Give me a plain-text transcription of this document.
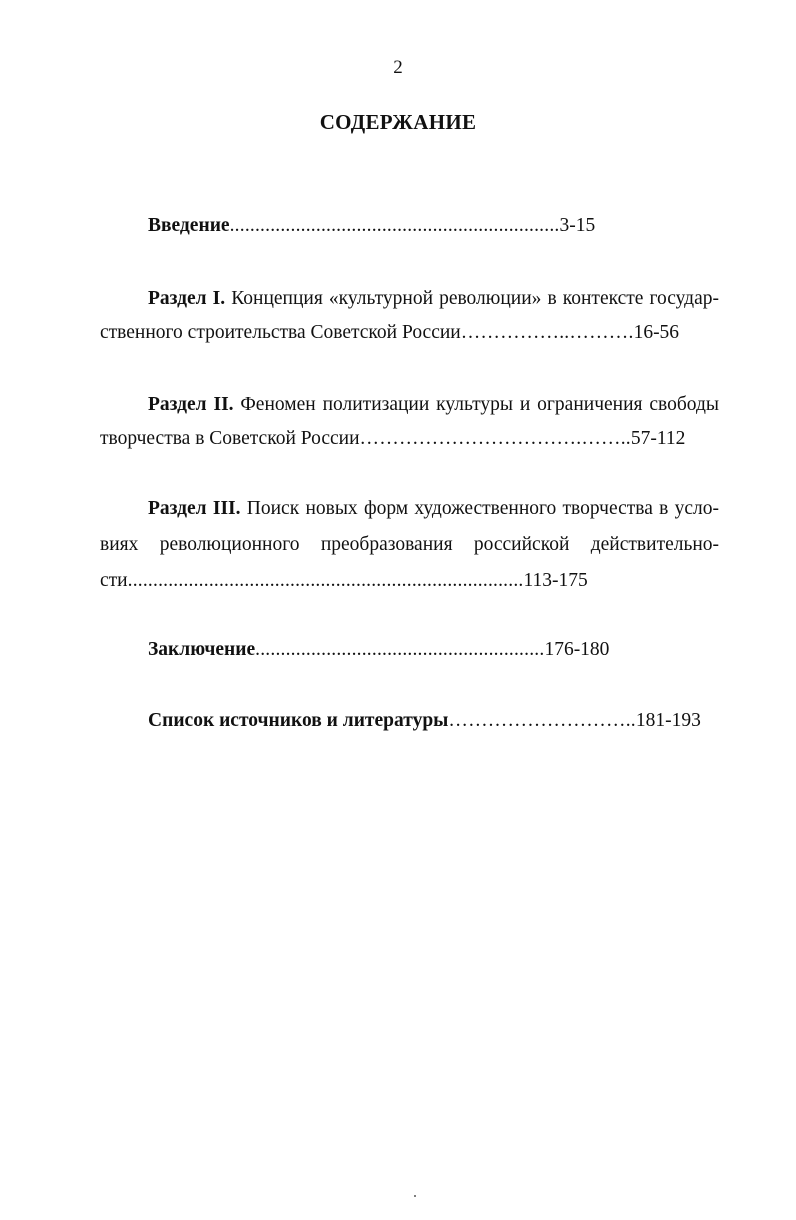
2
СОДЕРЖАНИЕ
Введение.................................................................3-15
Раздел I. Концепция «культурной революции» в контексте государ-
ственного строительства Советской России……………..……….16-56
Раздел II. Феномен политизации культуры и ограничения свободы
творчества в Советской России…………………………….……..57-112
Раздел III. Поиск новых форм художественного творчества в усло-
виях революционного преобразования российской действительно-
сти..............................................................................113-175
Заключение.........................................................176-180
Список источников и литературы………………………..181-193
